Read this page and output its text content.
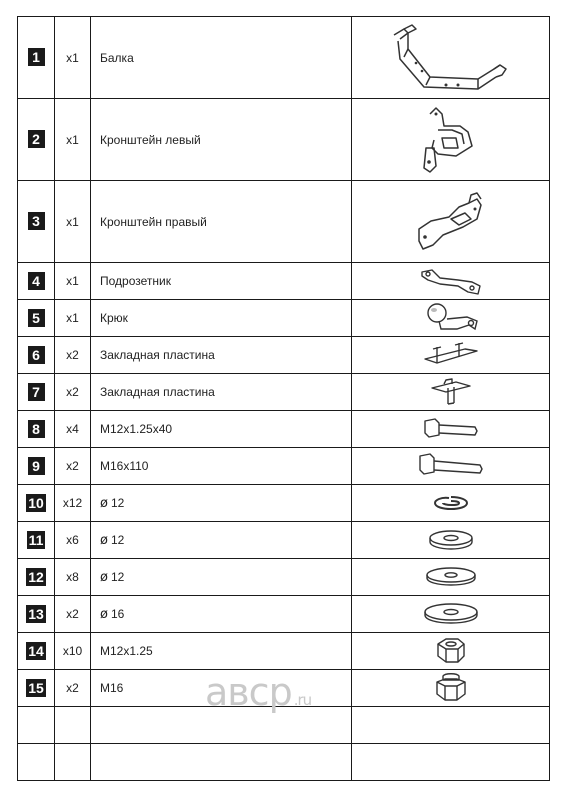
1	x1	Балка	

2	x1	Кронштейн левый	

3	x1	Кронштейн правый	

4	x1	Подрозетник	

5	x1	Крюк	

6	x2	Закладная пластина	

7	x2	Закладная пластина	

8	x4	M12x1.25x40	

9	x2	M16x110	

10	x12	ø 12	

11	x6	ø 12	

12	x8	ø 12	

13	x2	ø 16	

14	x10	M12x1.25	

15	x2	M16	

			авср .ru
